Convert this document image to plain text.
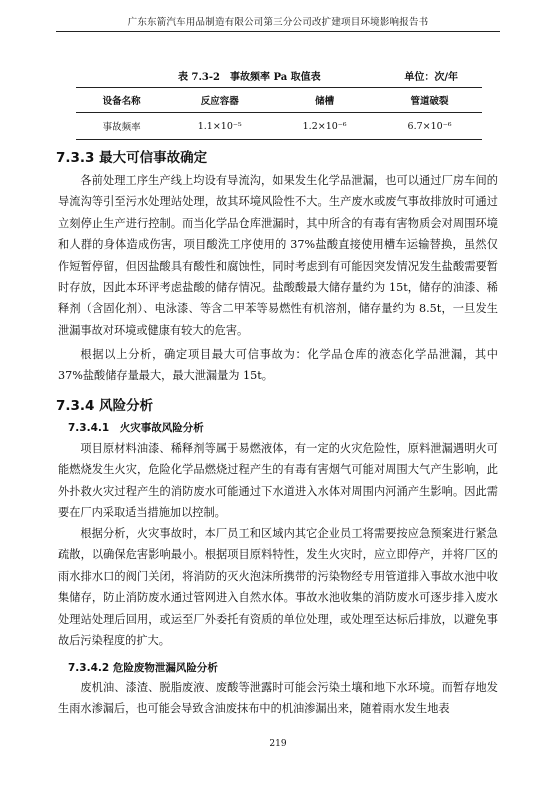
广东东箭汽车用品制造有限公司第三分公司改扩建项目环境影响报告书
表 7.3-2　事故频率 Pa 取值表	单位：次/年
设备名称	反应容器	储槽	管道破裂
事故频率	1.1×10⁻⁵	1.2×10⁻⁶	6.7×10⁻⁶
7.3.3 最大可信事故确定

各前处理工序生产线上均设有导流沟，如果发生化学品泄漏，也可以通过厂房车间的导流沟等引至污水处理站处理，故其环境风险性不大。生产废水或废气事故排放时可通过立刻停止生产进行控制。而当化学品仓库泄漏时，其中所含的有毒有害物质会对周围环境和人群的身体造成伤害，项目酸洗工序使用的 37%盐酸直接使用槽车运输替换，虽然仅作短暂停留，但因盐酸具有酸性和腐蚀性，同时考虑到有可能因突发情况发生盐酸需要暂时存放，因此本环评考虑盐酸的储存情况。盐酸酸最大储存量约为 15t，储存的油漆、稀释剂（含固化剂）、电泳漆、等含二甲苯等易燃性有机溶剂，储存量约为 8.5t，一旦发生泄漏事故对环境或健康有较大的危害。

根据以上分析，确定项目最大可信事故为：化学品仓库的液态化学品泄漏，其中 37%盐酸储存量最大，最大泄漏量为 15t。

7.3.4 风险分析
7.3.4.1　火灾事故风险分析

项目原材料油漆、稀释剂等属于易燃液体，有一定的火灾危险性，原料泄漏遇明火可能燃烧发生火灾，危险化学品燃烧过程产生的有毒有害烟气可能对周围大气产生影响，此外扑救火灾过程产生的消防废水可能通过下水道进入水体对周围内河涌产生影响。因此需要在厂内采取适当措施加以控制。

根据分析，火灾事故时，本厂员工和区域内其它企业员工将需要按应急预案进行紧急疏散，以确保危害影响最小。根据项目原料特性，发生火灾时，应立即停产，并将厂区的雨水排水口的阀门关闭，将消防的灭火泡沫所携带的污染物经专用管道排入事故水池中收集储存，防止消防废水通过管网进入自然水体。事故水池收集的消防废水可逐步排入废水处理站处理后回用，或运至厂外委托有资质的单位处理，或处理至达标后排放，以避免事故后污染程度的扩大。

7.3.4.2 危险废物泄漏风险分析

废机油、漆渣、脱脂废液、废酸等泄露时可能会污染土壤和地下水环境。而暂存地发生雨水渗漏后，也可能会导致含油废抹布中的机油渗漏出来，随着雨水发生地表

219
